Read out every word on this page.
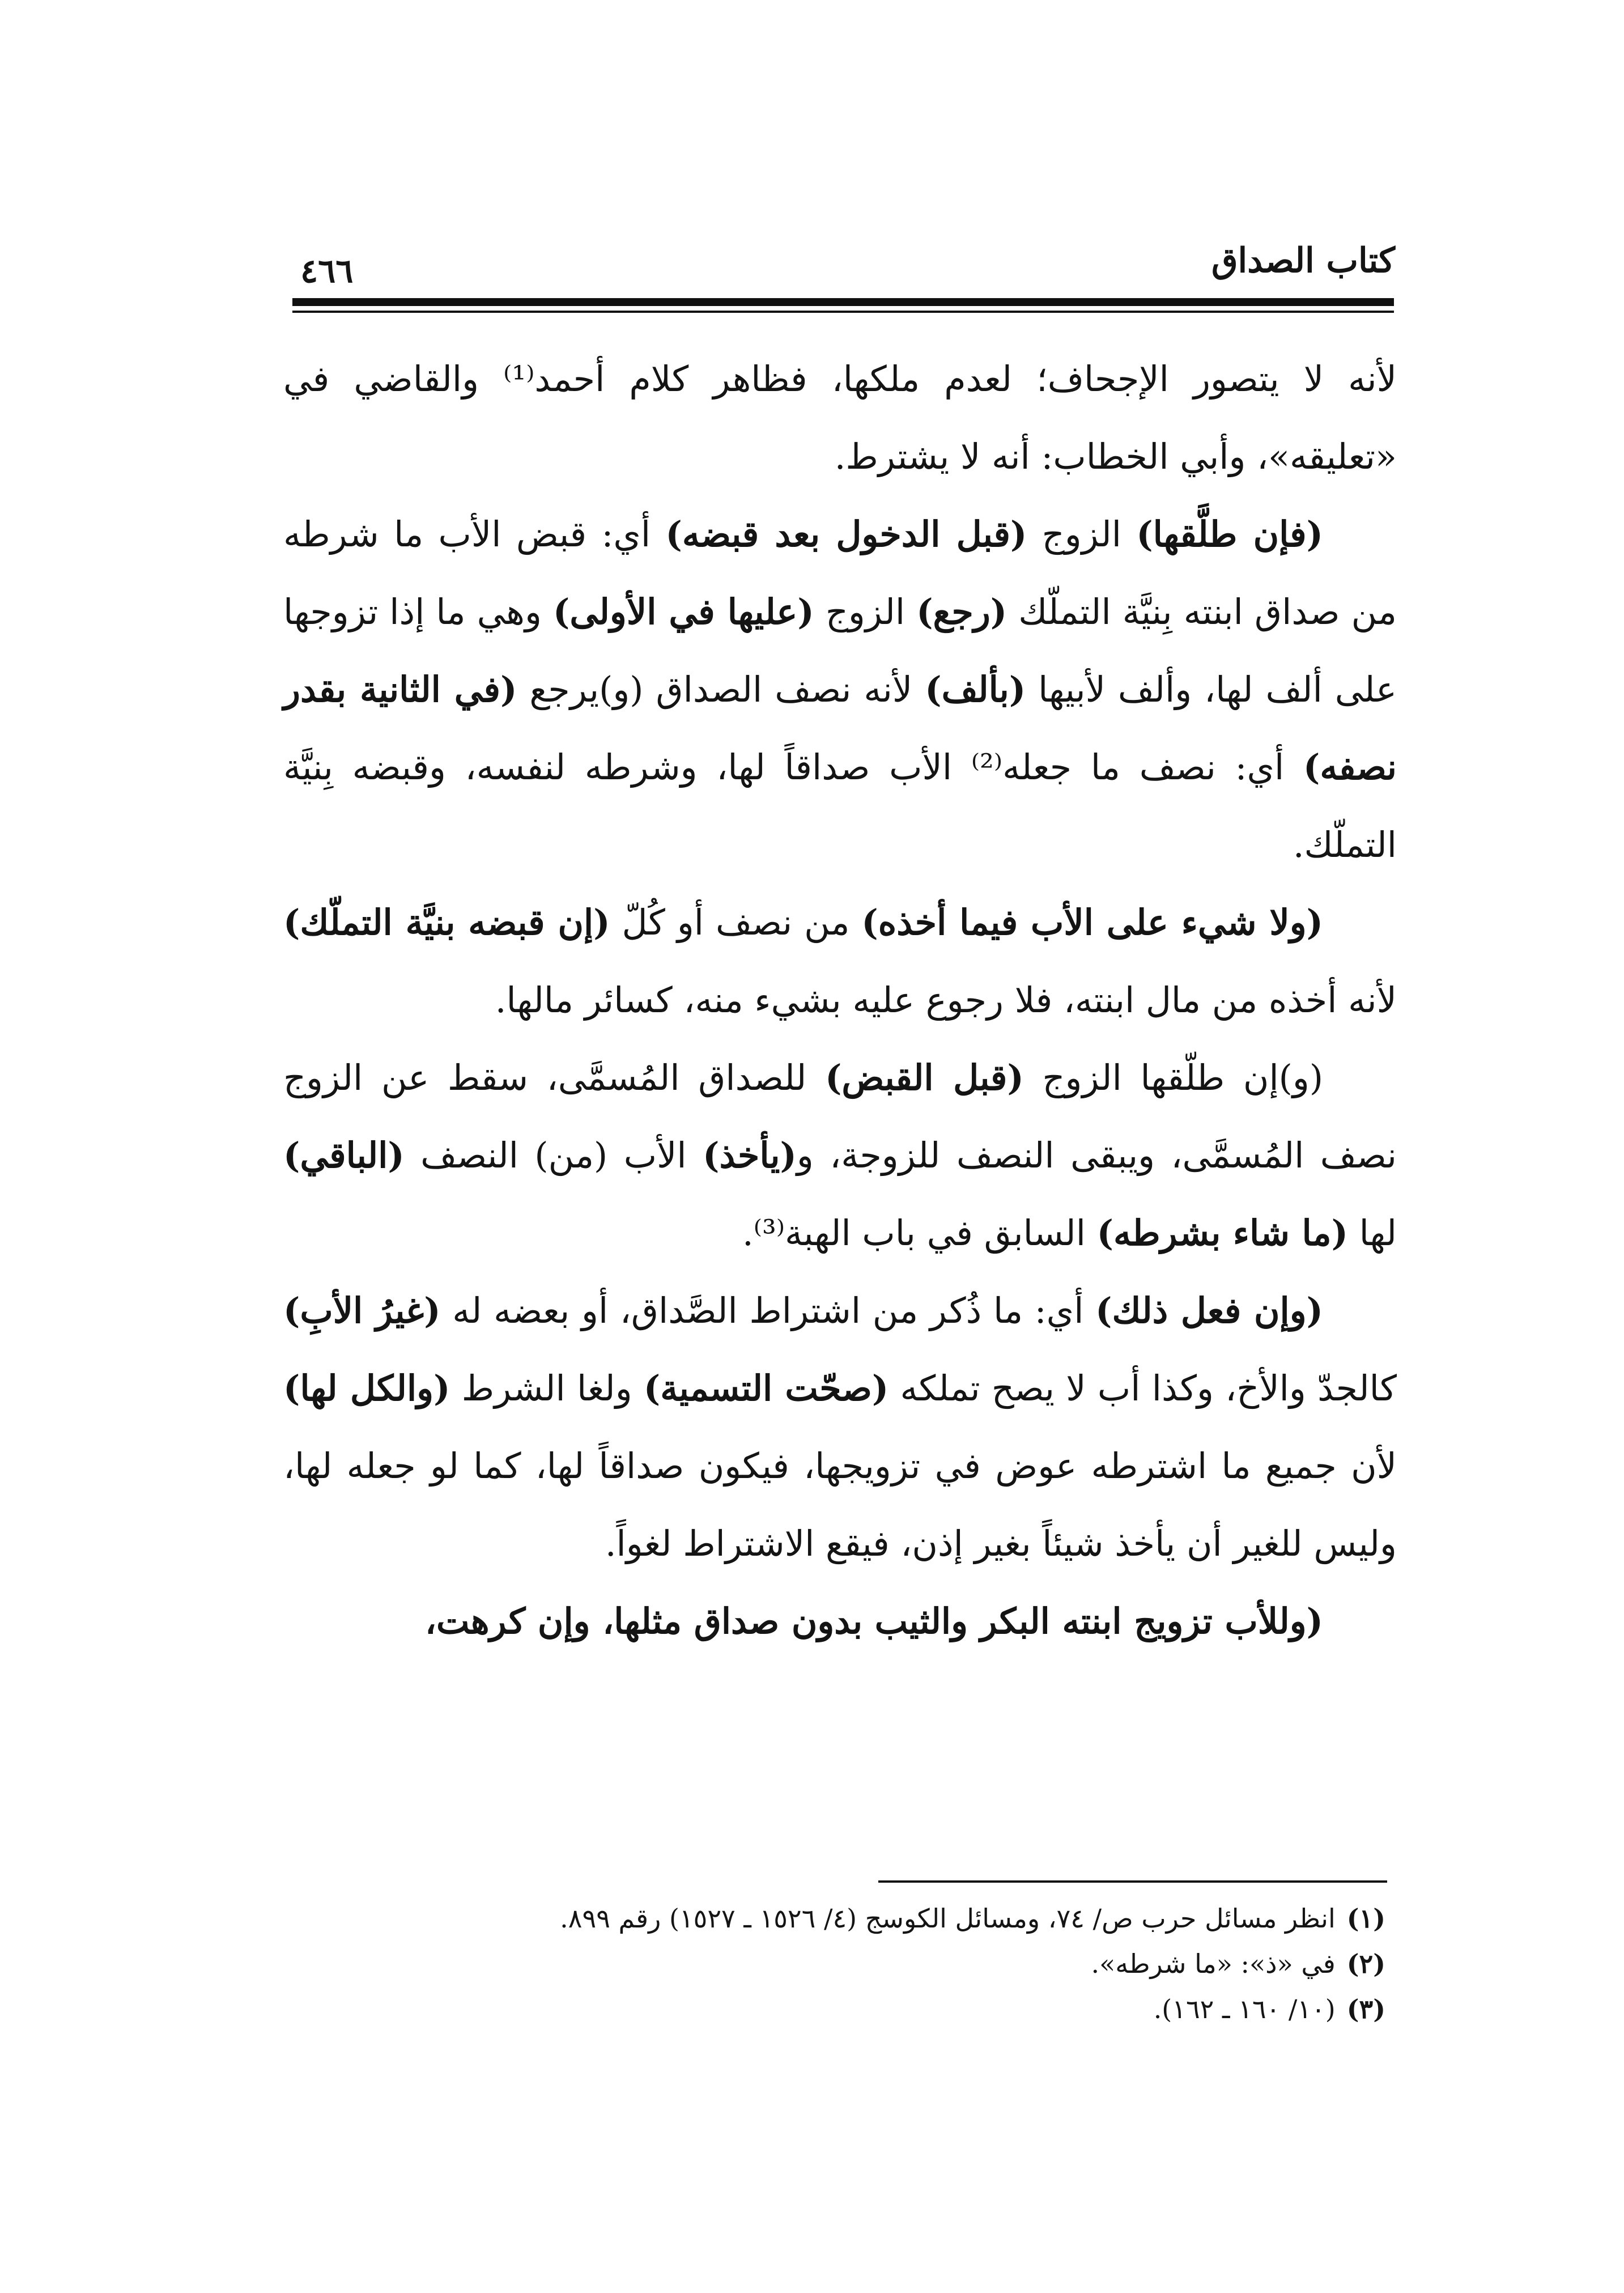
كتاب الصداق
٤٦٦

لأنه لا يتصور الإجحاف؛ لعدم ملكها، فظاهر كلام أحمد⁽¹⁾ والقاضي في «تعليقه»، وأبي الخطاب: أنه لا يشترط.

(فإن طلَّقها) الزوج (قبل الدخول بعد قبضه) أي: قبض الأب ما شرطه من صداق ابنته بِنيَّة التملّك (رجع) الزوج (عليها في الأولى) وهي ما إذا تزوجها على ألف لها، وألف لأبيها (بألف) لأنه نصف الصداق (و)يرجع (في الثانية بقدر نصفه) أي: نصف ما جعله⁽²⁾ الأب صداقاً لها، وشرطه لنفسه، وقبضه بِنيَّة التملّك.

(ولا شيء على الأب فيما أخذه) من نصف أو كُلّ (إن قبضه بنيَّة التملّك) لأنه أخذه من مال ابنته، فلا رجوع عليه بشيء منه، كسائر مالها.

(و)إن طلّقها الزوج (قبل القبض) للصداق المُسمَّى، سقط عن الزوج نصف المُسمَّى، ويبقى النصف للزوجة، و(يأخذ) الأب (من) النصف (الباقي) لها (ما شاء بشرطه) السابق في باب الهبة⁽³⁾.

(وإن فعل ذلك) أي: ما ذُكر من اشتراط الصَّداق، أو بعضه له (غيرُ الأبِ) كالجدّ والأخ، وكذا أب لا يصح تملكه (صحّت التسمية) ولغا الشرط (والكل لها) لأن جميع ما اشترطه عوض في تزويجها، فيكون صداقاً لها، كما لو جعله لها، وليس للغير أن يأخذ شيئاً بغير إذن، فيقع الاشتراط لغواً.

(وللأب تزويج ابنته البكر والثيب بدون صداق مثلها، وإن كرهت،

(١)انظر مسائل حرب ص/ ٧٤، ومسائل الكوسج (٤/ ١٥٢٦ ـ ١٥٢٧) رقم ٨٩٩.

(٢)في «ذ»: «ما شرطه».

(٣)(١٠/ ١٦٠ ـ ١٦٢).
